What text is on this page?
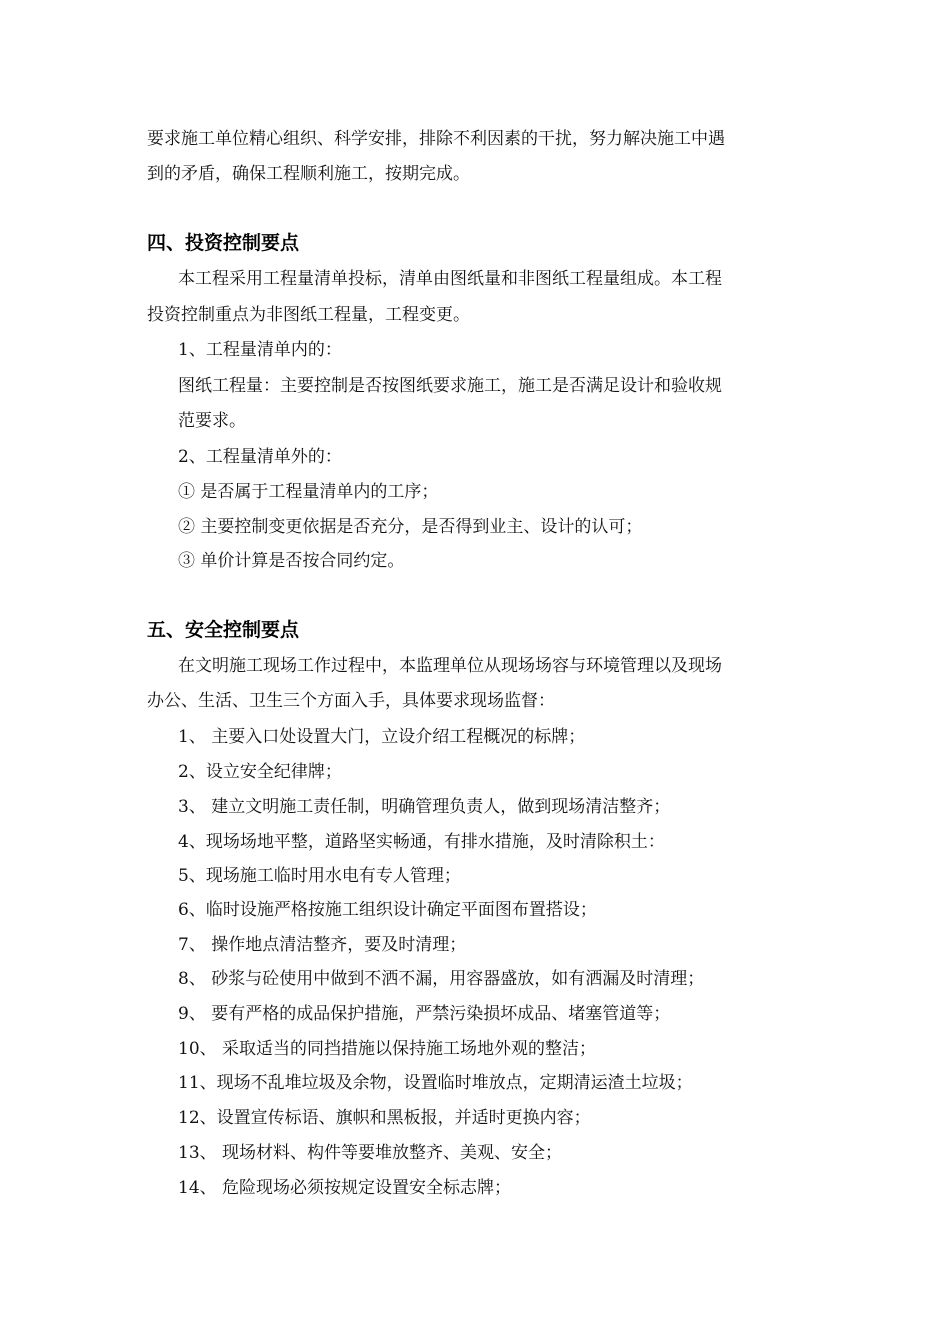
要求施工单位精心组织、科学安排，排除不利因素的干扰，努力解决施工中遇

到的矛盾，确保工程顺利施工，按期完成。

四、投资控制要点

本工程采用工程量清单投标，清单由图纸量和非图纸工程量组成。本工程

投资控制重点为非图纸工程量，工程变更。

1、工程量清单内的：

图纸工程量：主要控制是否按图纸要求施工，施工是否满足设计和验收规

范要求。

2、工程量清单外的：

① 是否属于工程量清单内的工序；

② 主要控制变更依据是否充分，是否得到业主、设计的认可；

③ 单价计算是否按合同约定。

五、安全控制要点

在文明施工现场工作过程中，本监理单位从现场场容与环境管理以及现场

办公、生活、卫生三个方面入手，具体要求现场监督：

1、 主要入口处设置大门，立设介绍工程概况的标牌；

2、设立安全纪律牌；

3、 建立文明施工责任制，明确管理负责人，做到现场清洁整齐；

4、现场场地平整，道路坚实畅通，有排水措施，及时清除积土：

5、现场施工临时用水电有专人管理；

6、临时设施严格按施工组织设计确定平面图布置搭设；

7、 操作地点清洁整齐，要及时清理；

8、 砂浆与砼使用中做到不洒不漏，用容器盛放，如有洒漏及时清理；

9、 要有严格的成品保护措施，严禁污染损坏成品、堵塞管道等；

10、 采取适当的同挡措施以保持施工场地外观的整洁；

11、现场不乱堆垃圾及余物，设置临时堆放点，定期清运渣土垃圾；

12、设置宣传标语、旗帜和黑板报，并适时更换内容；

13、 现场材料、构件等要堆放整齐、美观、安全；

14、 危险现场必须按规定设置安全标志牌；
